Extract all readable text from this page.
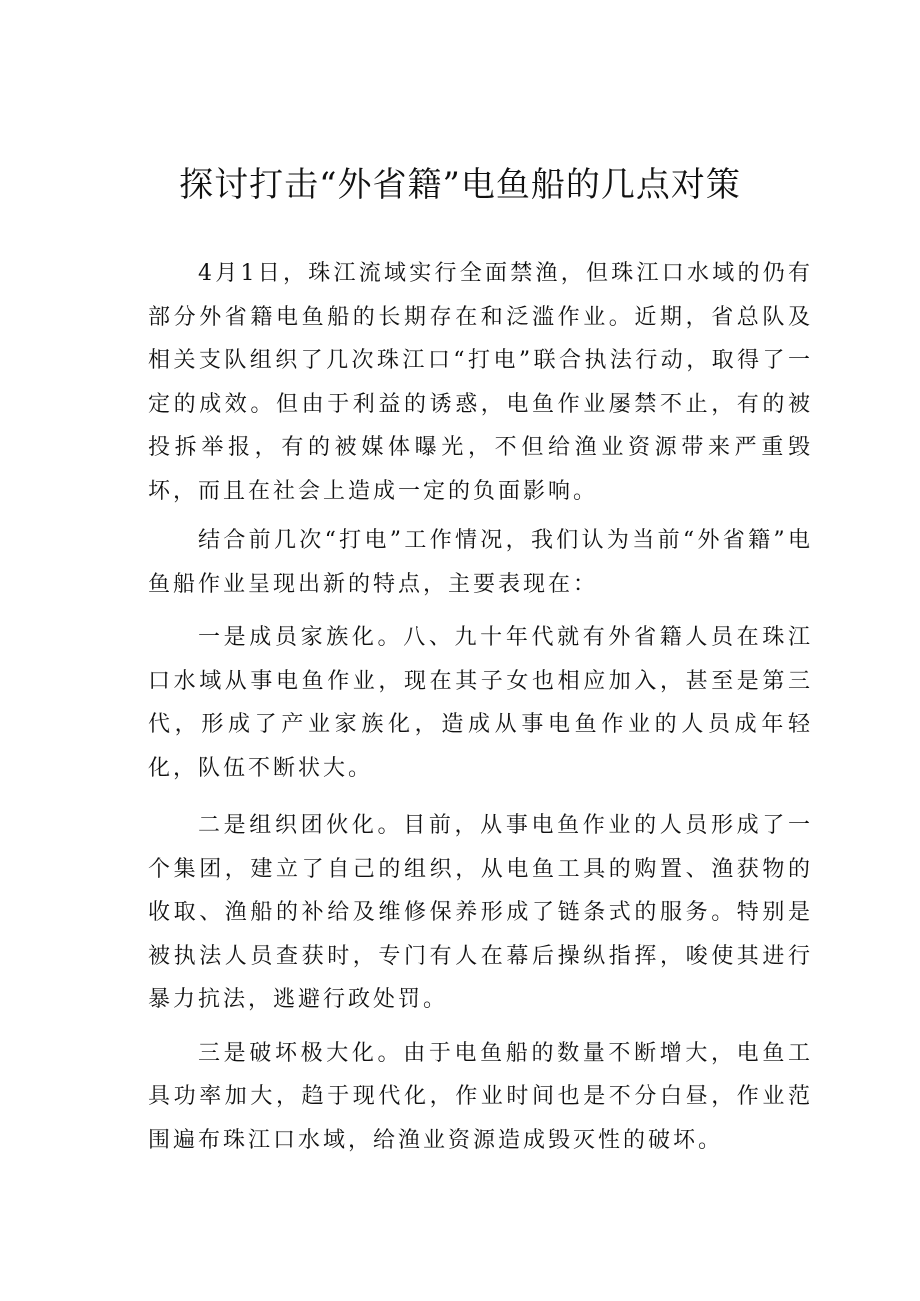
探讨打击“外省籍”电鱼船的几点对策

4月1日，珠江流域实行全面禁渔，但珠江口水域的仍有部分外省籍电鱼船的长期存在和泛滥作业。近期，省总队及相关支队组织了几次珠江口“打电”联合执法行动，取得了一定的成效。但由于利益的诱惑，电鱼作业屡禁不止，有的被投拆举报，有的被媒体曝光，不但给渔业资源带来严重毁坏，而且在社会上造成一定的负面影响。

结合前几次“打电”工作情况，我们认为当前“外省籍”电鱼船作业呈现出新的特点，主要表现在：

一是成员家族化。八、九十年代就有外省籍人员在珠江口水域从事电鱼作业，现在其子女也相应加入，甚至是第三代，形成了产业家族化，造成从事电鱼作业的人员成年轻化，队伍不断状大。

二是组织团伙化。目前，从事电鱼作业的人员形成了一个集团，建立了自己的组织，从电鱼工具的购置、渔获物的收取、渔船的补给及维修保养形成了链条式的服务。特别是被执法人员查获时，专门有人在幕后操纵指挥，唆使其进行暴力抗法，逃避行政处罚。

三是破坏极大化。由于电鱼船的数量不断增大，电鱼工具功率加大，趋于现代化，作业时间也是不分白昼，作业范围遍布珠江口水域，给渔业资源造成毁灭性的破坏。
